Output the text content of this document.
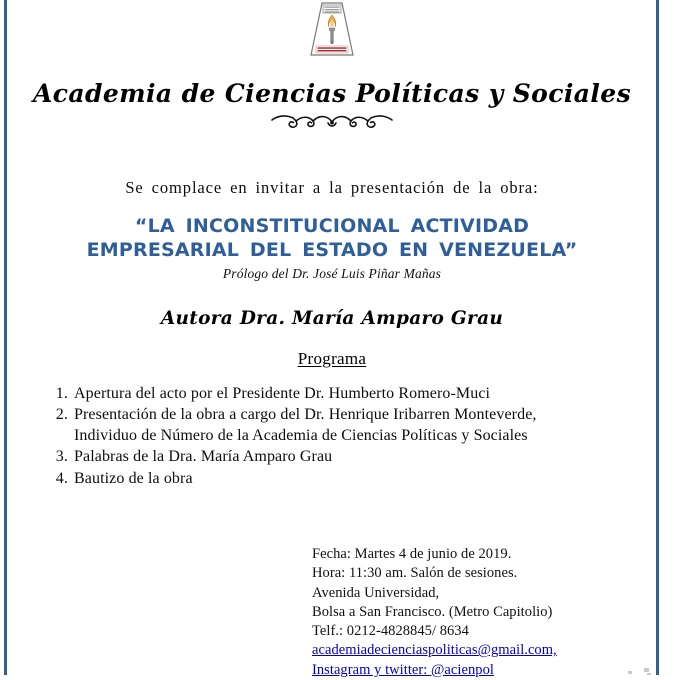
Academia de Ciencias Políticas y Sociales
Se complace en invitar a la presentación de la obra:
“LA INCONSTITUCIONAL ACTIVIDAD EMPRESARIAL DEL ESTADO EN VENEZUELA”
Prólogo del Dr. José Luis Piñar Mañas
Autora Dra. María Amparo Grau
Programa
Apertura del acto por el Presidente Dr. Humberto Romero-Muci
Presentación de la obra a cargo del Dr. Henrique Iribarren Monteverde,
Individuo de Número de la Academia de Ciencias Políticas y Sociales
Palabras de la Dra. María Amparo Grau
Bautizo de la obra
Fecha: Martes 4 de junio de 2019.
Hora: 11:30 am. Salón de sesiones.
Avenida Universidad,
Bolsa a San Francisco. (Metro Capitolio)
Telf.: 0212-4828845/ 8634
academiadecienciaspoliticas@gmail.com,
Instagram y twitter: @acienpol
